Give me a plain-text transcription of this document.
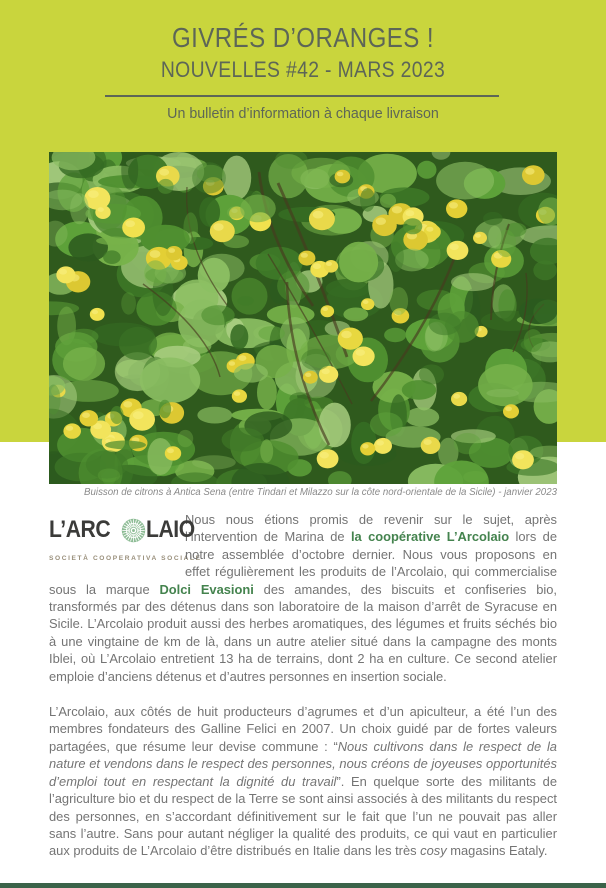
GIVRÉS D’ORANGES !
NOUVELLES #42 - MARS 2023
Un bulletin d’information à chaque livraison
Buisson de citrons à Antica Sena (entre Tindari et Milazzo sur la côte nord-orientale de la Sicile) - janvier 2023
L’ARC LAIO
SOCIETÀ COOPERATIVA SOCIALE

Nous nous étions promis de revenir sur le sujet, après l’intervention de Marina de la coopérative L’Arcolaio lors de notre assemblée d’octobre dernier. Nous vous proposons en effet régulièrement les produits de l’Arcolaio, qui commercialise sous la marque Dolci Evasioni des amandes, des biscuits et confiseries bio, transformés par des détenus dans son laboratoire de la maison d’arrêt de Syracuse en Sicile. L’Arcolaio produit aussi des herbes aromatiques, des légumes et fruits séchés bio à une vingtaine de km de là, dans un autre atelier situé dans la campagne des monts Iblei, où L’Arcolaio entretient 13 ha de terrains, dont 2 ha en culture. Ce second atelier emploie d’anciens détenus et d’autres personnes en insertion sociale.

L’Arcolaio, aux côtés de huit producteurs d’agrumes et d’un apiculteur, a été l’un des membres fondateurs des Galline Felici en 2007. Un choix guidé par de fortes valeurs partagées, que résume leur devise commune : “Nous cultivons dans le respect de la nature et vendons dans le respect des personnes, nous créons de joyeuses opportunités d’emploi tout en respectant la dignité du travail”. En quelque sorte des militants de l’agriculture bio et du respect de la Terre se sont ainsi associés à des militants du respect des personnes, en s’accordant définitivement sur le fait que l’un ne pouvait pas aller sans l’autre. Sans pour autant négliger la qualité des produits, ce qui vaut en particulier aux produits de L’Arcolaio d’être distribués en Italie dans les très cosy magasins Eataly.
